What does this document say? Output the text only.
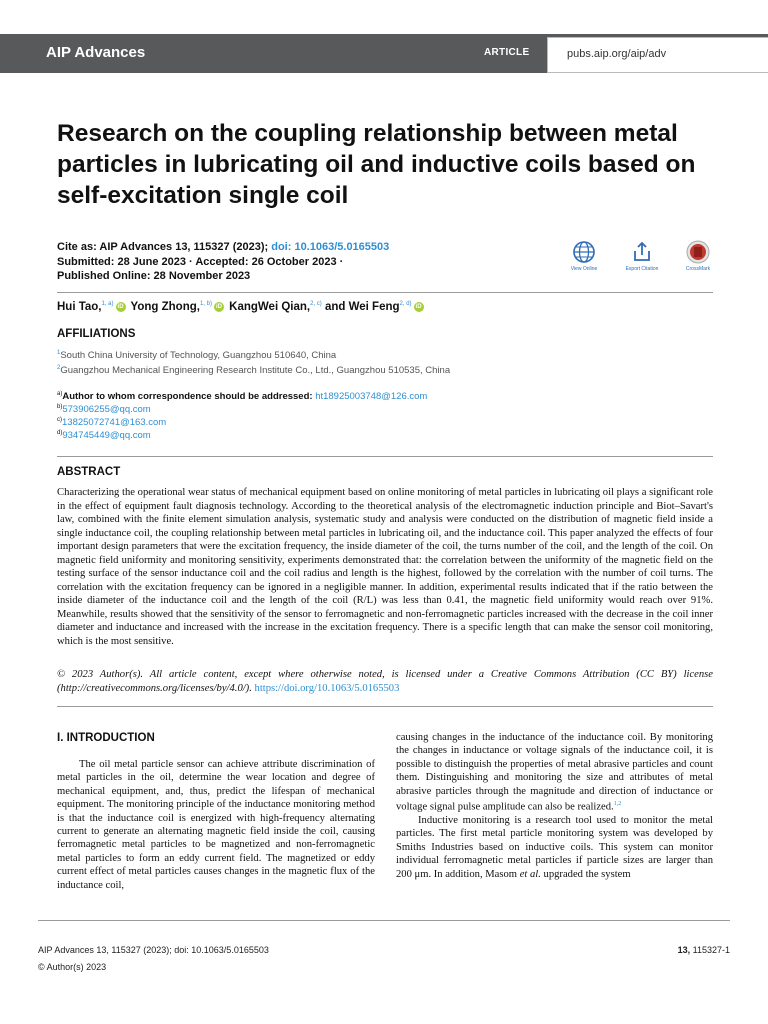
AIP Advances	ARTICLE	pubs.aip.org/aip/adv
Research on the coupling relationship between metal particles in lubricating oil and inductive coils based on self-excitation single coil
Cite as: AIP Advances 13, 115327 (2023); doi: 10.1063/5.0165503
Submitted: 28 June 2023 · Accepted: 26 October 2023 ·
Published Online: 28 November 2023
View Online	Export Citation	CrossMark
Hui Tao,$^{1, a)}$ iD Yong Zhong,$^{1, b)}$ iD KangWei Qian,$^{2, c)}$ and Wei Feng$^{2, d)}$ iD
AFFILIATIONS
$^1$South China University of Technology, Guangzhou 510640, China
$^2$Guangzhou Mechanical Engineering Research Institute Co., Ltd., Guangzhou 510535, China
$^{a)}$Author to whom correspondence should be addressed: ht18925003748@126.com
$^{b)}$573906255@qq.com
$^{c)}$13825072741@163.com
$^{d)}$934745449@qq.com
ABSTRACT
Characterizing the operational wear status of mechanical equipment based on online monitoring of metal particles in lubricating oil plays a significant role in the effect of equipment fault diagnosis technology. According to the theoretical analysis of the electromagnetic induction principle and Biot–Savart's law, combined with the finite element simulation analysis, systematic study and analysis were conducted on the distribution of magnetic field inside a single inductance coil, the coupling relationship between metal particles in lubricating oil, and the inductance coil. This paper analyzed the effects of four important design parameters that were the excitation frequency, the inside diameter of the coil, the turns number of the coil, and the length of the coil. On magnetic field uniformity and monitoring sensitivity, experiments demonstrated that: the correlation between the uniformity of the magnetic field on the testing surface of the sensor inductance coil and the coil radius and length is the highest, followed by the correlation with the number of coil turns. The correlation with the excitation frequency can be ignored in a negligible manner. In addition, experimental results indicated that if the ratio between the inside diameter of the inductance coil and the length of the coil (R/L) was less than 0.41, the magnetic field uniformity would reach over 91%. Meanwhile, results showed that the sensitivity of the sensor to ferromagnetic and non-ferromagnetic particles increased with the decrease in the coil inner diameter and inductance and increased with the increase in the excitation frequency. There is a specific length that can make the sensor coil monitoring, which is the most sensitive.
© 2023 Author(s). All article content, except where otherwise noted, is licensed under a Creative Commons Attribution (CC BY) license (http://creativecommons.org/licenses/by/4.0/). https://doi.org/10.1063/5.0165503
I. INTRODUCTION

The oil metal particle sensor can achieve attribute discrimination of metal particles in the oil, determine the wear location and degree of mechanical equipment, and, thus, predict the lifespan of mechanical equipment. The monitoring principle of the inductance monitoring method is that the inductance coil is energized with high-frequency alternating current to generate an alternating magnetic field inside the coil, causing ferromagnetic metal particles to be magnetized and non-ferromagnetic metal particles to form an eddy current field. The magnetized or eddy current effect of metal particles causes changes in the magnetic flux of the inductance coil,

causing changes in the inductance of the inductance coil. By monitoring the changes in inductance or voltage signals of the inductance coil, it is possible to distinguish the properties of metal abrasive particles and count them. Distinguishing and monitoring the size and attributes of metal abrasive particles through the magnitude and direction of inductance or voltage signal pulse amplitude can also be realized.$^{1,2}$

Inductive monitoring is a research tool used to monitor the metal particles. The first metal particle monitoring system was developed by Smiths Industries based on inductive coils. This system can monitor individual ferromagnetic metal particles if particle sizes are larger than 200 μm. In addition, Masom et al. upgraded the system

AIP Advances 13, 115327 (2023); doi: 10.1063/5.0165503
© Author(s) 2023
13, 115327-1
